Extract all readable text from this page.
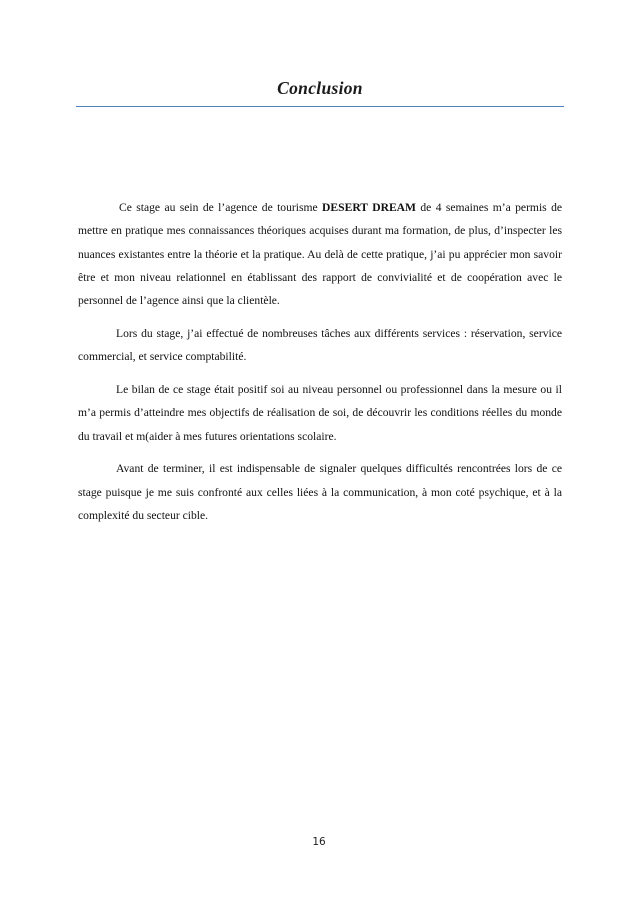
Conclusion

Ce stage au sein de l’agence de tourisme DESERT DREAM de 4 semaines m’a permis de mettre en pratique mes connaissances théoriques acquises durant ma formation, de plus, d’inspecter les nuances existantes entre la théorie et la pratique. Au delà de cette pratique, j’ai pu apprécier mon savoir être et mon niveau relationnel en établissant des rapport de convivialité et de coopération avec le personnel de l’agence ainsi que la clientèle.

Lors du stage, j’ai effectué de nombreuses tâches aux différents services : réservation, service commercial, et service comptabilité.

Le bilan de ce stage était positif soi au niveau personnel ou professionnel dans la mesure ou il m’a permis d’atteindre mes objectifs de réalisation de soi, de découvrir les conditions réelles du monde du travail et m(aider à mes futures orientations scolaire.

Avant de terminer, il est indispensable de signaler quelques difficultés rencontrées lors de ce stage puisque je me suis confronté aux celles liées à la communication, à mon coté psychique, et à la complexité du secteur cible.

16
